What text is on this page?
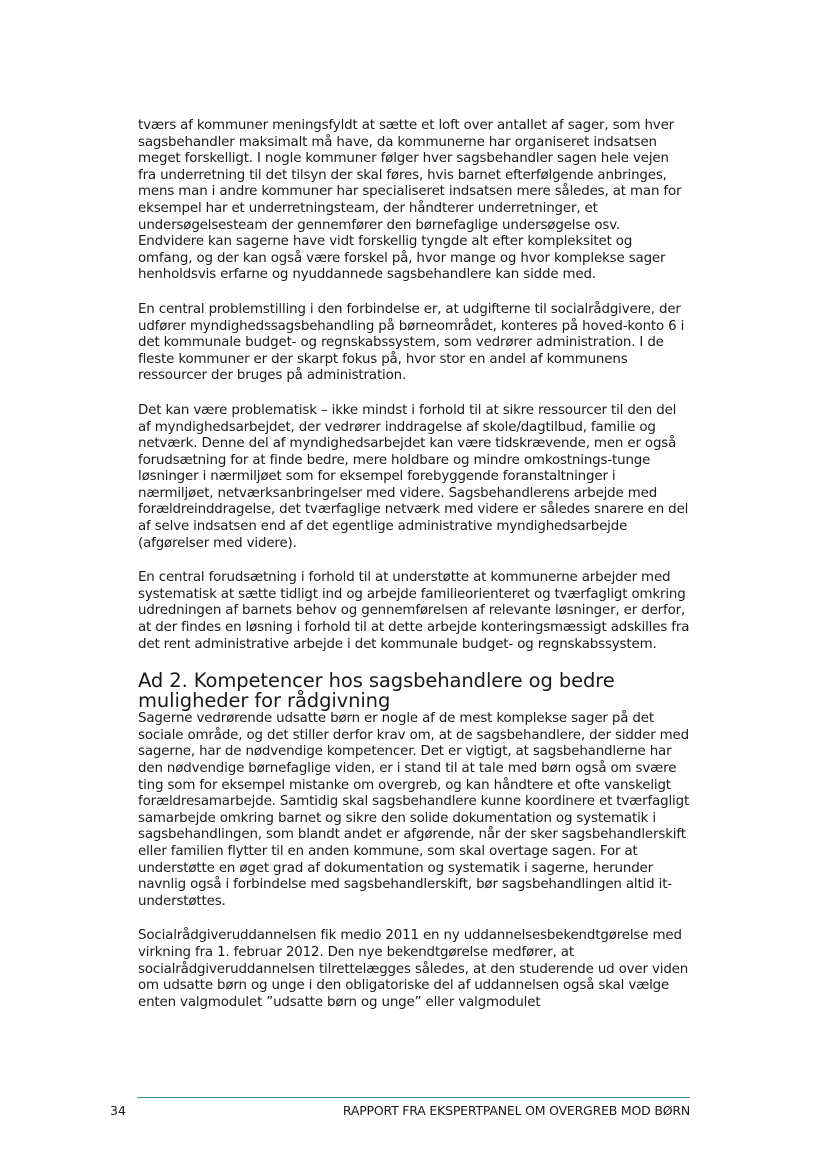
tværs af kommuner meningsfyldt at sætte et loft over antallet af sager, som hver sagsbehandler maksimalt må have, da kommunerne har organiseret indsatsen meget forskelligt. I nogle kommuner følger hver sagsbehandler sagen hele vejen fra underretning til det tilsyn der skal føres, hvis barnet efterfølgende anbringes, mens man i andre kommuner har specialiseret indsatsen mere således, at man for eksempel har et underretningsteam, der håndterer underretninger, et undersøgelsesteam der gennemfører den børnefaglige undersøgelse osv. Endvidere kan sagerne have vidt forskellig tyngde alt efter kompleksitet og omfang, og der kan også være forskel på, hvor mange og hvor komplekse sager henholdsvis erfarne og nyuddannede sagsbehandlere kan sidde med.

En central problemstilling i den forbindelse er, at udgifterne til socialrådgivere, der udfører myndighedssagsbehandling på børneområdet, konteres på hoved-konto 6 i det kommunale budget- og regnskabssystem, som vedrører administration. I de fleste kommuner er der skarpt fokus på, hvor stor en andel af kommunens ressourcer der bruges på administration.

Det kan være problematisk – ikke mindst i forhold til at sikre ressourcer til den del af myndighedsarbejdet, der vedrører inddragelse af skole/dagtilbud, familie og netværk. Denne del af myndighedsarbejdet kan være tidskrævende, men er også forudsætning for at finde bedre, mere holdbare og mindre omkostnings-tunge løsninger i nærmiljøet som for eksempel forebyggende foranstaltninger i nærmiljøet, netværksanbringelser med videre. Sagsbehandlerens arbejde med forældreinddragelse, det tværfaglige netværk med videre er således snarere en del af selve indsatsen end af det egentlige administrative myndighedsarbejde (afgørelser med videre).

En central forudsætning i forhold til at understøtte at kommunerne arbejder med systematisk at sætte tidligt ind og arbejde familieorienteret og tværfagligt omkring udredningen af barnets behov og gennemførelsen af relevante løsninger, er derfor, at der findes en løsning i forhold til at dette arbejde konteringsmæssigt adskilles fra det rent administrative arbejde i det kommunale budget- og regnskabssystem.

Ad 2. Kompetencer hos sagsbehandlere og bedre muligheder for rådgivning

Sagerne vedrørende udsatte børn er nogle af de mest komplekse sager på det sociale område, og det stiller derfor krav om, at de sagsbehandlere, der sidder med sagerne, har de nødvendige kompetencer. Det er vigtigt, at sagsbehandlerne har den nødvendige børnefaglige viden, er i stand til at tale med børn også om svære ting som for eksempel mistanke om overgreb, og kan håndtere et ofte vanskeligt forældresamarbejde. Samtidig skal sagsbehandlere kunne koordinere et tværfagligt samarbejde omkring barnet og sikre den solide dokumentation og systematik i sagsbehandlingen, som blandt andet er afgørende, når der sker sagsbehandlerskift eller familien flytter til en anden kommune, som skal overtage sagen. For at understøtte en øget grad af dokumentation og systematik i sagerne, herunder navnlig også i forbindelse med sagsbehandlerskift, bør sagsbehandlingen altid it-understøttes.

Socialrådgiveruddannelsen fik medio 2011 en ny uddannelsesbekendtgørelse med virkning fra 1. februar 2012. Den nye bekendtgørelse medfører, at socialrådgiveruddannelsen tilrettelægges således, at den studerende ud over viden om udsatte børn og unge i den obligatoriske del af uddannelsen også skal vælge enten valgmodulet ”udsatte børn og unge” eller valgmodulet

34	RAPPORT FRA EKSPERTPANEL OM OVERGREB MOD BØRN
